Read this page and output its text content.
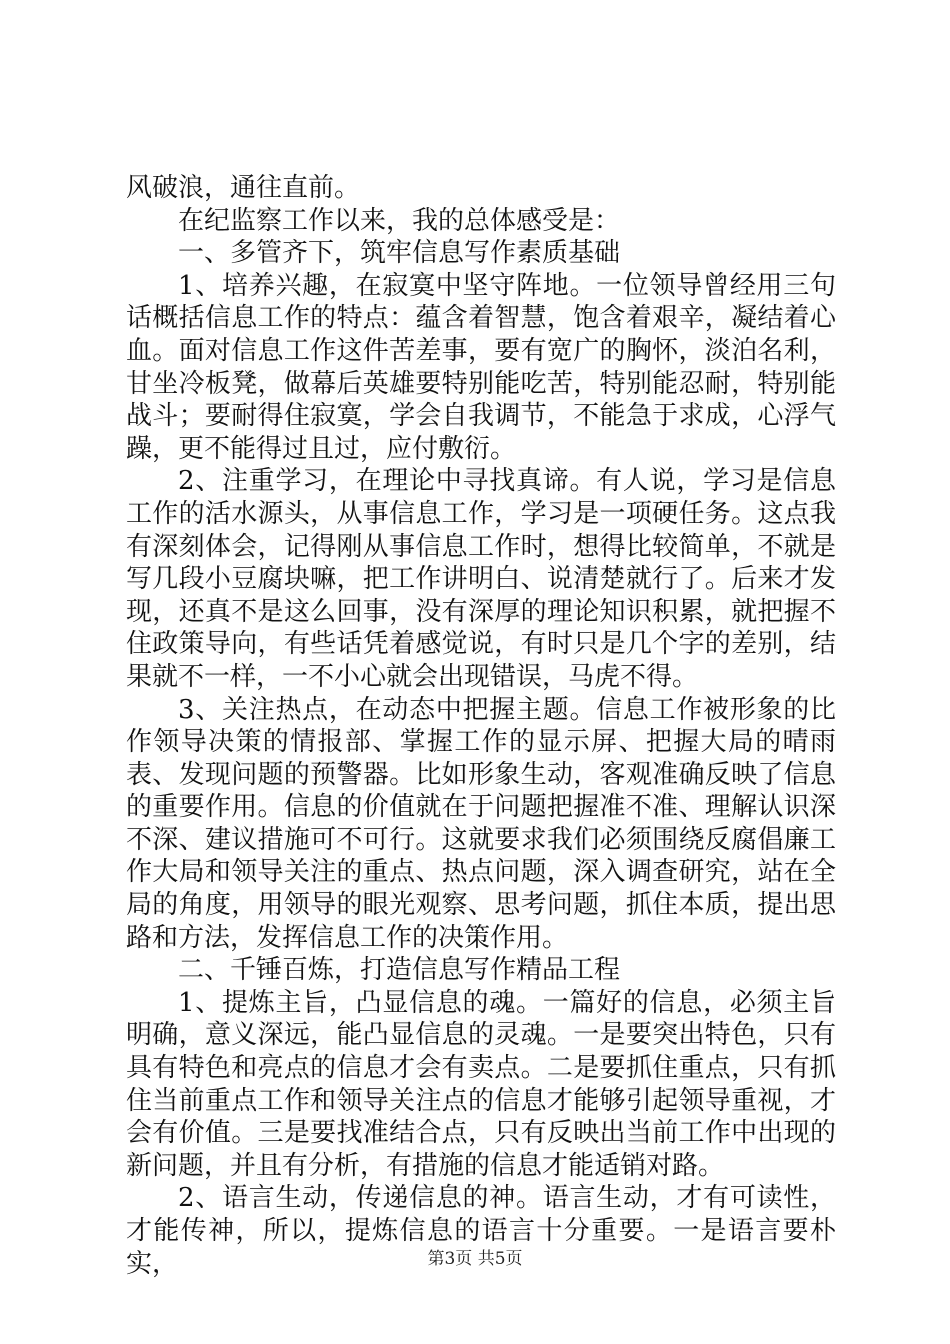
风破浪，通往直前。

在纪监察工作以来，我的总体感受是：

一、多管齐下，筑牢信息写作素质基础

1、培养兴趣，在寂寞中坚守阵地。一位领导曾经用三句话概括信息工作的特点：蕴含着智慧，饱含着艰辛，凝结着心血。面对信息工作这件苦差事，要有宽广的胸怀，淡泊名利，甘坐冷板凳，做幕后英雄要特别能吃苦，特别能忍耐，特别能战斗；要耐得住寂寞，学会自我调节，不能急于求成，心浮气躁，更不能得过且过，应付敷衍。

2、注重学习，在理论中寻找真谛。有人说，学习是信息工作的活水源头，从事信息工作，学习是一项硬任务。这点我有深刻体会，记得刚从事信息工作时，想得比较简单，不就是写几段小豆腐块嘛，把工作讲明白、说清楚就行了。后来才发现，还真不是这么回事，没有深厚的理论知识积累，就把握不住政策导向，有些话凭着感觉说，有时只是几个字的差别，结果就不一样，一不小心就会出现错误，马虎不得。

3、关注热点，在动态中把握主题。信息工作被形象的比作领导决策的情报部、掌握工作的显示屏、把握大局的晴雨表、发现问题的预警器。比如形象生动，客观准确反映了信息的重要作用。信息的价值就在于问题把握准不准、理解认识深不深、建议措施可不可行。这就要求我们必须围绕反腐倡廉工作大局和领导关注的重点、热点问题，深入调查研究，站在全局的角度，用领导的眼光观察、思考问题，抓住本质，提出思路和方法，发挥信息工作的决策作用。

二、千锤百炼，打造信息写作精品工程

1、提炼主旨，凸显信息的魂。一篇好的信息，必须主旨明确，意义深远，能凸显信息的灵魂。一是要突出特色，只有具有特色和亮点的信息才会有卖点。二是要抓住重点，只有抓住当前重点工作和领导关注点的信息才能够引起领导重视，才会有价值。三是要找准结合点，只有反映出当前工作中出现的新问题，并且有分析，有措施的信息才能适销对路。

2、语言生动，传递信息的神。语言生动，才有可读性，才能传神，所以，提炼信息的语言十分重要。一是语言要朴实，	第3页 共5页
